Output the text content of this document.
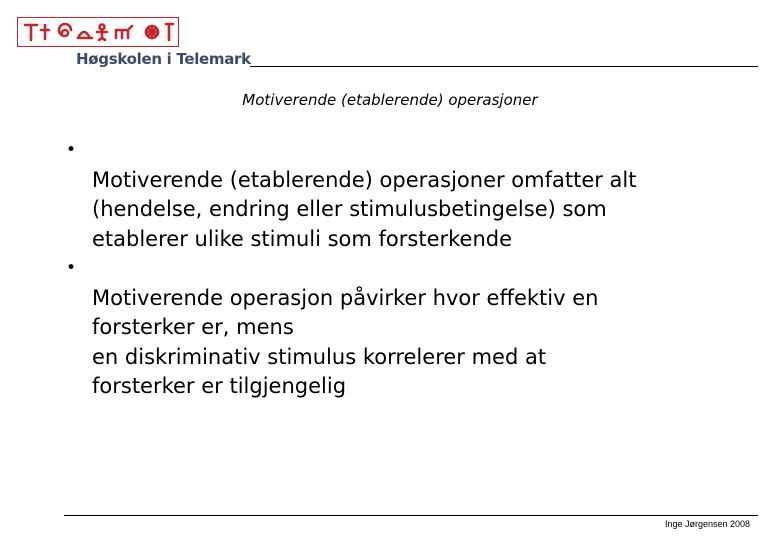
Høgskolen i Telemark
Motiverende (etablerende) operasjoner

•
Motiverende (etablerende) operasjoner omfatter alt
(hendelse, endring eller stimulusbetingelse) som
etablerer ulike stimuli som forsterkende

•
Motiverende operasjon påvirker hvor effektiv en
forsterker er, mens
en diskriminativ stimulus korrelerer med at
forsterker er tilgjengelig

Inge Jørgensen 2008
